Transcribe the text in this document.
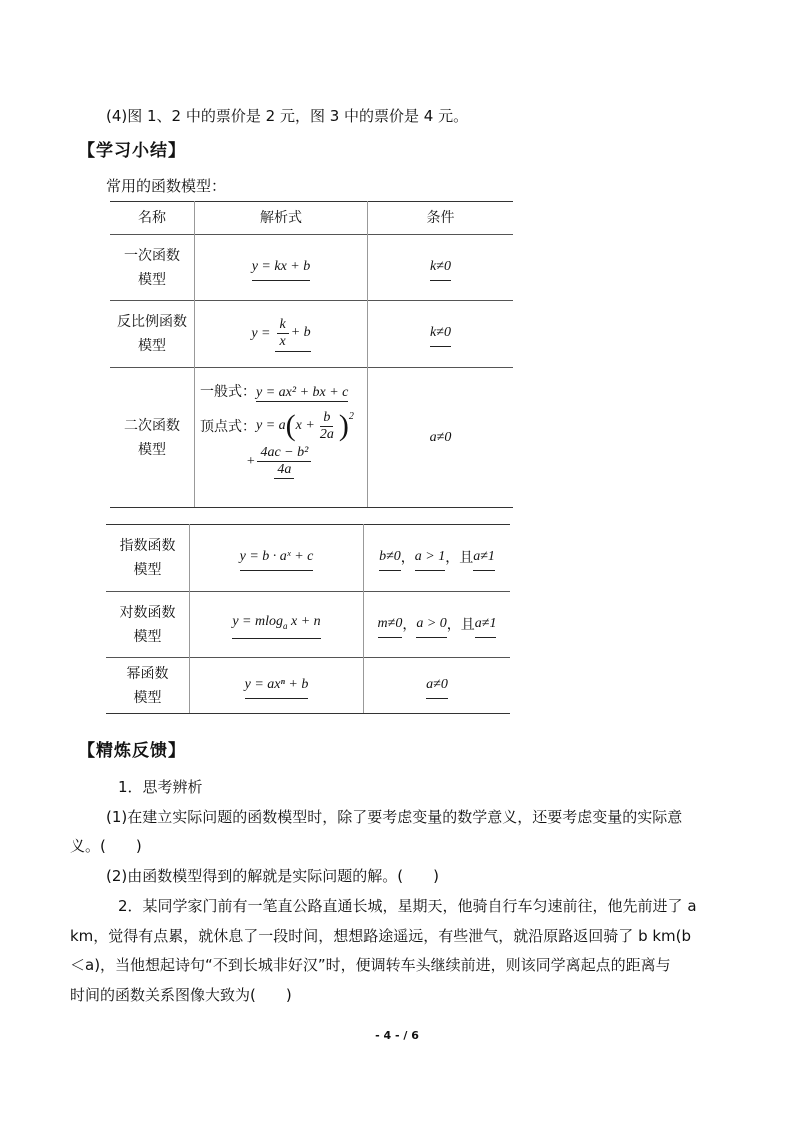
(4)图 1、2 中的票价是 2 元，图 3 中的票价是 4 元。
【学习小结】
常用的函数模型：
名称	解析式	条件
一次函数
模型
y = kx + b	k≠0
反比例函数
模型
$y = \frac{k}{x} + b$	k≠0
二次函数
模型
一般式：y = ax² + bx + c
顶点式： y = a ( $x + \frac{b}{2a}$ ) 2
+ $\frac{\text{4ac − b²}}{4a}$
a≠0
指数函数
模型
y = b · aˣ + c	b≠0 ， a > 1 ，且 a≠1
对数函数
模型
y = mlog$_a$ x + n	m≠0 ， a > 0 ，且 a≠1
幂函数
模型
y = axⁿ + b	a≠0
【精炼反馈】
1．思考辨析
(1)在建立实际问题的函数模型时，除了要考虑变量的数学意义，还要考虑变量的实际意
义。(　　)
(2)由函数模型得到的解就是实际问题的解。(　　)
2．某同学家门前有一笔直公路直通长城，星期天，他骑自行车匀速前往，他先前进了 a
km，觉得有点累，就休息了一段时间，想想路途遥远，有些泄气，就沿原路返回骑了 b km(b
＜a)，当他想起诗句“不到长城非好汉”时，便调转车头继续前进，则该同学离起点的距离与
时间的函数关系图像大致为(　　)
- 4 - / 6
